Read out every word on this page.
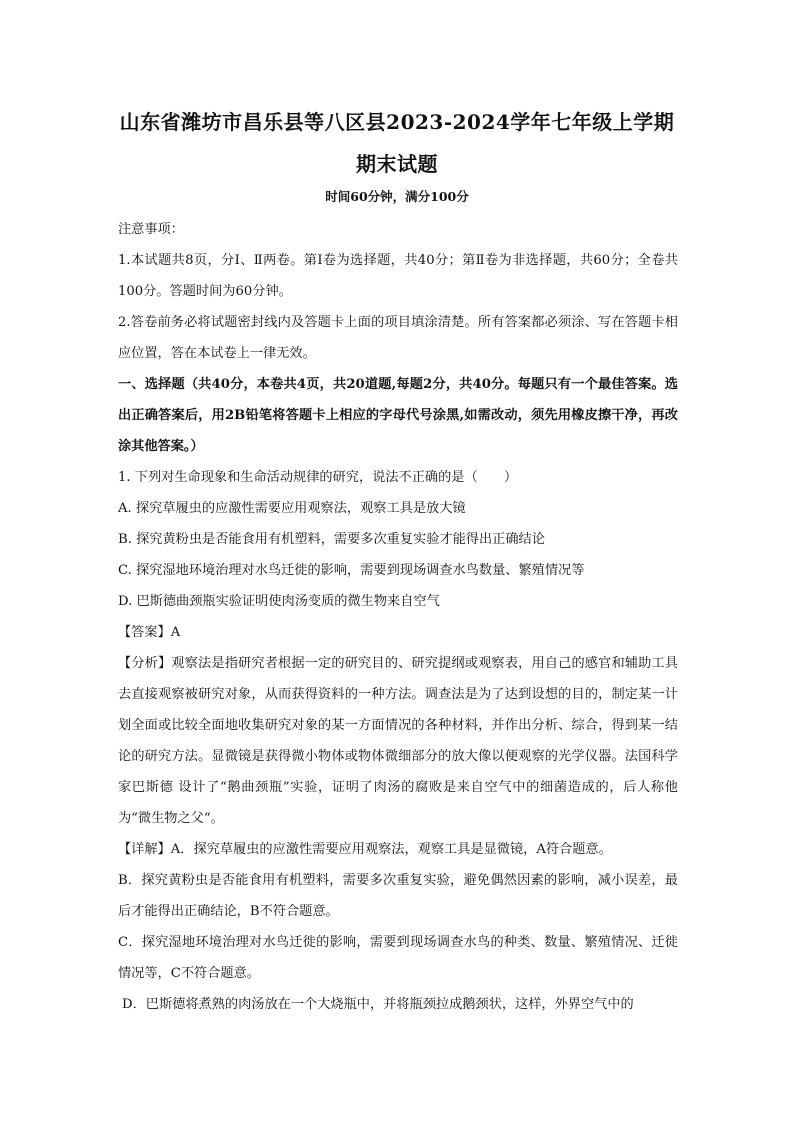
山东省潍坊市昌乐县等八区县2023-2024学年七年级上学期
期末试题
时间60分钟，满分100分

注意事项：

1.本试题共8页，分Ⅰ、Ⅱ两卷。第Ⅰ卷为选择题，共40分；第Ⅱ卷为非选择题，共60分；全卷共100分。答题时间为60分钟。

2.答卷前务必将试题密封线内及答题卡上面的项目填涂清楚。所有答案都必须涂、写在答题卡相应位置，答在本试卷上一律无效。

一、选择题（共40分，本卷共4页，共20道题,每题2分，共40分。每题只有一个最佳答案。选出正确答案后，用2B铅笔将答题卡上相应的字母代号涂黑,如需改动，须先用橡皮擦干净，再改涂其他答案。）

1. 下列对生命现象和生命活动规律的研究，说法不正确的是（　　）

A. 探究草履虫的应激性需要应用观察法，观察工具是放大镜

B. 探究黄粉虫是否能食用有机塑料，需要多次重复实验才能得出正确结论

C. 探究湿地环境治理对水鸟迁徙的影响，需要到现场调查水鸟数量、繁殖情况等

D. 巴斯德曲颈瓶实验证明使肉汤变质的微生物来自空气

【答案】A

【分析】观察法是指研究者根据一定的研究目的、研究提纲或观察表，用自己的感官和辅助工具去直接观察被研究对象，从而获得资料的一种方法。调查法是为了达到设想的目的，制定某一计划全面或比较全面地收集研究对象的某一方面情况的各种材料，并作出分析、综合，得到某一结论的研究方法。显微镜是获得微小物体或物体微细部分的放大像以便观察的光学仪器。法国科学家巴斯德 设计了“鹅曲颈瓶”实验，证明了肉汤的腐败是来自空气中的细菌造成的，后人称他为“微生物之父“。

【详解】A．探究草履虫的应激性需要应用观察法，观察工具是显微镜，A符合题意。

B．探究黄粉虫是否能食用有机塑料，需要多次重复实验，避免偶然因素的影响，减小误差，最后才能得出正确结论，B不符合题意。

C．探究湿地环境治理对水鸟迁徙的影响，需要到现场调查水鸟的种类、数量、繁殖情况、迁徙情况等，C不符合题意。

D．巴斯德将煮熟的肉汤放在一个大烧瓶中，并将瓶颈拉成鹅颈状，这样，外界空气中的
